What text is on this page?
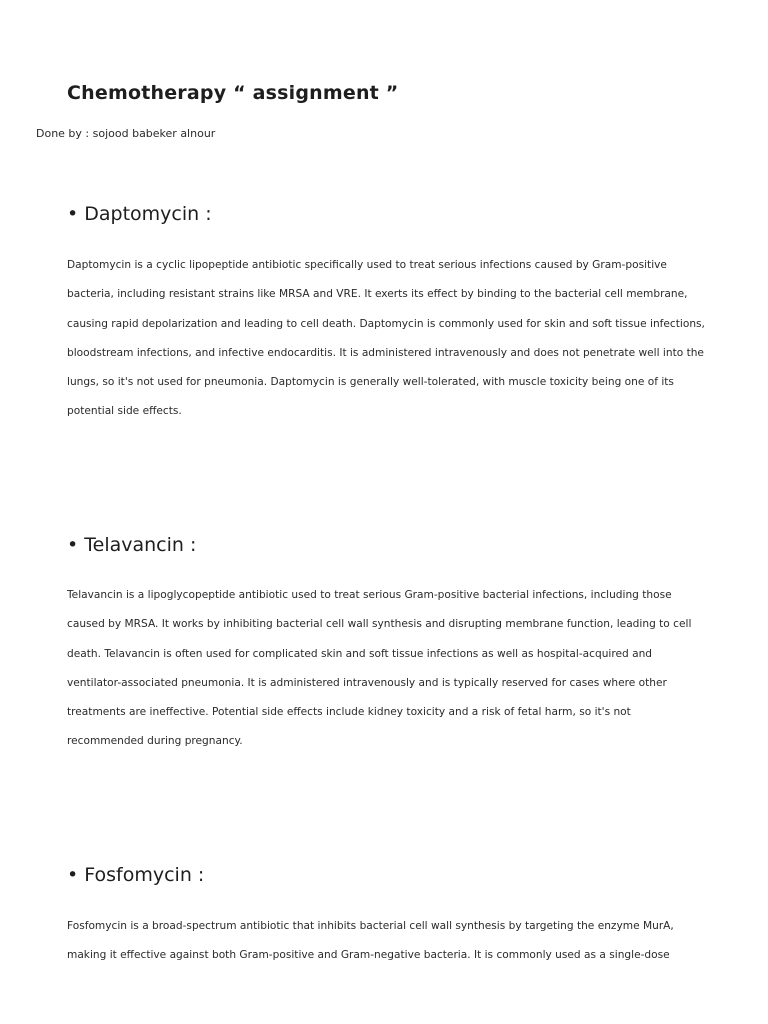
Chemotherapy “ assignment ”
Done by : sojood babeker alnour
• Daptomycin :
Daptomycin is a cyclic lipopeptide antibiotic specifically used to treat serious infections caused by Gram-positive
bacteria, including resistant strains like MRSA and VRE. It exerts its effect by binding to the bacterial cell membrane,
causing rapid depolarization and leading to cell death. Daptomycin is commonly used for skin and soft tissue infections,
bloodstream infections, and infective endocarditis. It is administered intravenously and does not penetrate well into the
lungs, so it's not used for pneumonia. Daptomycin is generally well-tolerated, with muscle toxicity being one of its
potential side effects.
• Telavancin :
Telavancin is a lipoglycopeptide antibiotic used to treat serious Gram-positive bacterial infections, including those
caused by MRSA. It works by inhibiting bacterial cell wall synthesis and disrupting membrane function, leading to cell
death. Telavancin is often used for complicated skin and soft tissue infections as well as hospital-acquired and
ventilator-associated pneumonia. It is administered intravenously and is typically reserved for cases where other
treatments are ineffective. Potential side effects include kidney toxicity and a risk of fetal harm, so it's not
recommended during pregnancy.
• Fosfomycin :
Fosfomycin is a broad-spectrum antibiotic that inhibits bacterial cell wall synthesis by targeting the enzyme MurA,
making it effective against both Gram-positive and Gram-negative bacteria. It is commonly used as a single-dose
